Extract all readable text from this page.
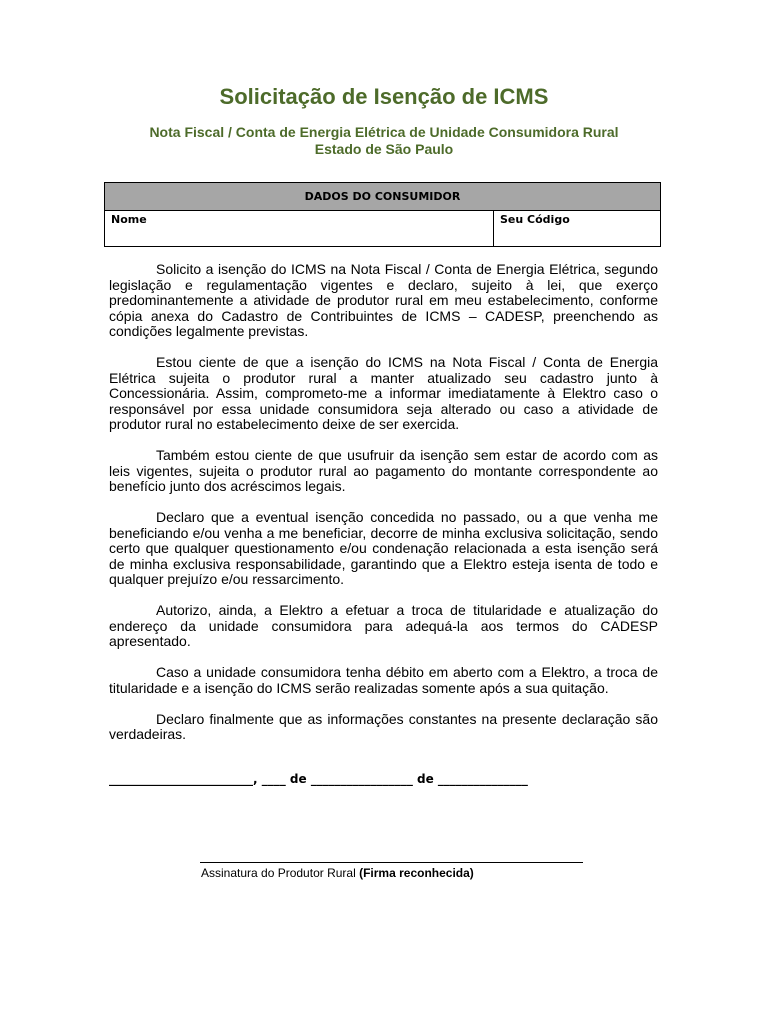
Solicitação de Isenção de ICMS
Nota Fiscal / Conta de Energia Elétrica de Unidade Consumidora Rural
Estado de São Paulo
DADOS DO CONSUMIDOR
Nome	Seu Código

Solicito a isenção do ICMS na Nota Fiscal / Conta de Energia Elétrica, segundo legislação e regulamentação vigentes e declaro, sujeito à lei, que exerço predominantemente a atividade de produtor rural em meu estabelecimento, conforme cópia anexa do Cadastro de Contribuintes de ICMS – CADESP, preenchendo as condições legalmente previstas.

Estou ciente de que a isenção do ICMS na Nota Fiscal / Conta de Energia Elétrica sujeita o produtor rural a manter atualizado seu cadastro junto à Concessionária. Assim, comprometo-me a informar imediatamente à Elektro caso o responsável por essa unidade consumidora seja alterado ou caso a atividade de produtor rural no estabelecimento deixe de ser exercida.

Também estou ciente de que usufruir da isenção sem estar de acordo com as leis vigentes, sujeita o produtor rural ao pagamento do montante correspondente ao benefício junto dos acréscimos legais.

Declaro que a eventual isenção concedida no passado, ou a que venha me beneficiando e/ou venha a me beneficiar, decorre de minha exclusiva solicitação, sendo certo que qualquer questionamento e/ou condenação relacionada a esta isenção será de minha exclusiva responsabilidade, garantindo que a Elektro esteja isenta de todo e qualquer prejuízo e/ou ressarcimento.

Autorizo, ainda, a Elektro a efetuar a troca de titularidade e atualização do endereço da unidade consumidora para adequá-la aos termos do CADESP apresentado.

Caso a unidade consumidora tenha débito em aberto com a Elektro, a troca de titularidade e a isenção do ICMS serão realizadas somente após a sua quitação.

Declaro finalmente que as informações constantes na presente declaração são verdadeiras.

________________________, ____ de _________________ de _______________
Assinatura do Produtor Rural (Firma reconhecida)
